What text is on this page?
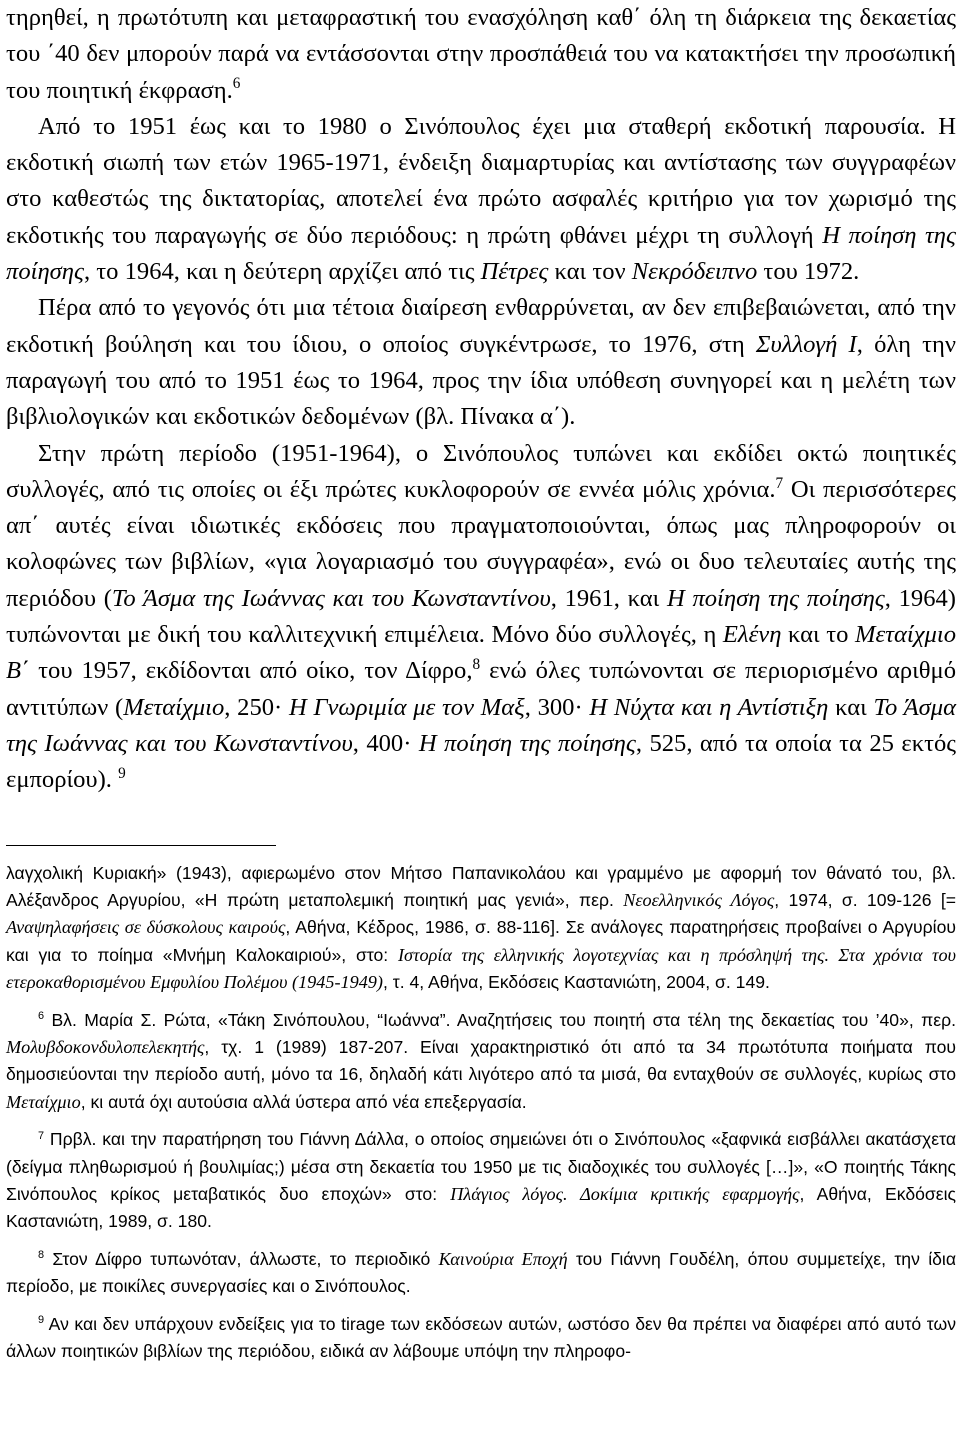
τηρηθεί, η πρωτότυπη και μεταφραστική του ενασχόληση καθ΄ όλη τη διάρκεια της δεκαετίας του ΄40 δεν μπορούν παρά να εντάσσονται στην προσπάθειά του να κατακτήσει την προσωπική του ποιητική έκφραση.$^6$

Από το 1951 έως και το 1980 ο Σινόπουλος έχει μια σταθερή εκδοτική παρουσία. Η εκδοτική σιωπή των ετών 1965-1971, ένδειξη διαμαρτυρίας και αντίστασης των συγγραφέων στο καθεστώς της δικτατορίας, αποτελεί ένα πρώτο ασφαλές κριτήριο για τον χωρισμό της εκδοτικής του παραγωγής σε δύο περιόδους: η πρώτη φθάνει μέχρι τη συλλογή Η ποίηση της ποίησης, το 1964, και η δεύτερη αρχίζει από τις Πέτρες και τον Νεκρόδειπνο του 1972.

Πέρα από το γεγονός ότι μια τέτοια διαίρεση ενθαρρύνεται, αν δεν επιβεβαιώνεται, από την εκδοτική βούληση και του ίδιου, ο οποίος συγκέντρωσε, το 1976, στη Συλλογή Ι, όλη την παραγωγή του από το 1951 έως το 1964, προς την ίδια υπόθεση συνηγορεί και η μελέτη των βιβλιολογικών και εκδοτικών δεδομένων (βλ. Πίνακα α΄).

Στην πρώτη περίοδο (1951-1964), ο Σινόπουλος τυπώνει και εκδίδει οκτώ ποιητικές συλλογές, από τις οποίες οι έξι πρώτες κυκλοφορούν σε εννέα μόλις χρόνια.$^7$ Οι περισσότερες απ΄ αυτές είναι ιδιωτικές εκδόσεις που πραγματοποιούνται, όπως μας πληροφορούν οι κολοφώνες των βιβλίων, «για λογαριασμό του συγγραφέα», ενώ οι δυο τελευταίες αυτής της περιόδου (Το Άσμα της Ιωάννας και του Κωνσταντίνου, 1961, και Η ποίηση της ποίησης, 1964) τυπώνονται με δική του καλλιτεχνική επιμέλεια. Μόνο δύο συλλογές, η Ελένη και το Μεταίχμιο Β΄ του 1957, εκδίδονται από οίκο, τον Δίφρο,$^8$ ενώ όλες τυπώνονται σε περιορισμένο αριθμό αντιτύπων (Μεταίχμιο, 250· Η Γνωριμία με τον Μαξ, 300· Η Νύχτα και η Αντίστιξη και Το Άσμα της Ιωάννας και του Κωνσταντίνου, 400· Η ποίηση της ποίησης, 525, από τα οποία τα 25 εκτός εμπορίου). $^9$

λαγχολική Κυριακή» (1943), αφιερωμένο στον Μήτσο Παπανικολάου και γραμμένο με αφορμή τον θάνατό του, βλ. Αλέξανδρος Αργυρίου, «Η πρώτη μεταπολεμική ποιητική μας γενιά», περ. Νεοελληνικός Λόγος, 1974, σ. 109-126 [= Αναψηλαφήσεις σε δύσκολους καιρούς, Αθήνα, Κέδρος, 1986, σ. 88-116]. Σε ανάλογες παρατηρήσεις προβαίνει ο Αργυρίου και για το ποίημα «Μνήμη Καλοκαιριού», στο: Ιστορία της ελληνικής λογοτεχνίας και η πρόσληψή της. Στα χρόνια του ετεροκαθορισμένου Εμφυλίου Πολέμου (1945-1949), τ. 4, Αθήνα, Εκδόσεις Καστανιώτη, 2004, σ. 149.

$^6$ Βλ. Μαρία Σ. Ρώτα, «Τάκη Σινόπουλου, “Ιωάννα”. Αναζητήσεις του ποιητή στα τέλη της δεκαετίας του ’40», περ. Μολυβδοκονδυλοπελεκητής, τχ. 1 (1989) 187-207. Είναι χαρακτηριστικό ότι από τα 34 πρωτότυπα ποιήματα που δημοσιεύονται την περίοδο αυτή, μόνο τα 16, δηλαδή κάτι λιγότερο από τα μισά, θα ενταχθούν σε συλλογές, κυρίως στο Μεταίχμιο, κι αυτά όχι αυτούσια αλλά ύστερα από νέα επεξεργασία.

$^7$ Πρβλ. και την παρατήρηση του Γιάννη Δάλλα, ο οποίος σημειώνει ότι ο Σινόπουλος «ξαφνικά εισβάλλει ακατάσχετα (δείγμα πληθωρισμού ή βουλιμίας;) μέσα στη δεκαετία του 1950 με τις διαδοχικές του συλλογές […]», «Ο ποιητής Τάκης Σινόπουλος κρίκος μεταβατικός δυο εποχών» στο: Πλάγιος λόγος. Δοκίμια κριτικής εφαρμογής, Αθήνα, Εκδόσεις Καστανιώτη, 1989, σ. 180.

$^8$ Στον Δίφρο τυπωνόταν, άλλωστε, το περιοδικό Καινούρια Εποχή του Γιάννη Γουδέλη, όπου συμμετείχε, την ίδια περίοδο, με ποικίλες συνεργασίες και ο Σινόπουλος.

$^9$ Αν και δεν υπάρχουν ενδείξεις για το tirage των εκδόσεων αυτών, ωστόσο δεν θα πρέπει να διαφέρει από αυτό των άλλων ποιητικών βιβλίων της περιόδου, ειδικά αν λάβουμε υπόψη την πληροφο-
